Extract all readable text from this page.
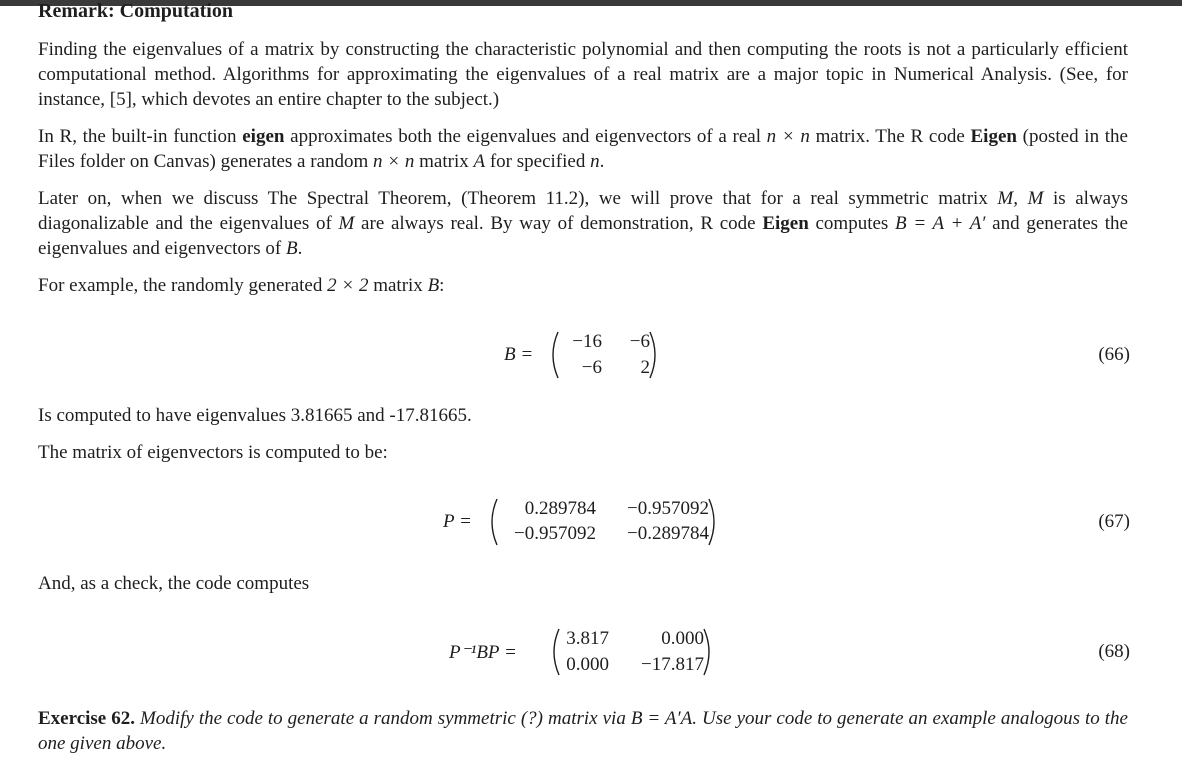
Remark: Computation
Finding the eigenvalues of a matrix by constructing the characteristic polynomial and then computing the roots is not a particularly efficient computational method. Algorithms for approximating the eigenvalues of a real matrix are a major topic in Numerical Analysis. (See, for instance, [5], which devotes an entire chapter to the subject.)
In R, the built-in function eigen approximates both the eigenvalues and eigenvectors of a real n × n matrix. The R code Eigen (posted in the Files folder on Canvas) generates a random n × n matrix A for specified n.
Later on, when we discuss The Spectral Theorem, (Theorem 11.2), we will prove that for a real symmetric matrix M, M is always diagonalizable and the eigenvalues of M are always real. By way of demonstration, R code Eigen computes B = A + A′ and generates the eigenvalues and eigenvectors of B.
For example, the randomly generated 2 × 2 matrix B:
B =
−16	−6
−6	2
(66)
Is computed to have eigenvalues 3.81665 and -17.81665.
The matrix of eigenvectors is computed to be:
P =
0.289784	−0.957092
−0.957092	−0.289784
(67)
And, as a check, the code computes
P⁻¹BP =
3.817	0.000
0.000	−17.817
(68)
Exercise 62. Modify the code to generate a random symmetric (?) matrix via B = A′A. Use your code to generate an example analogous to the one given above.
